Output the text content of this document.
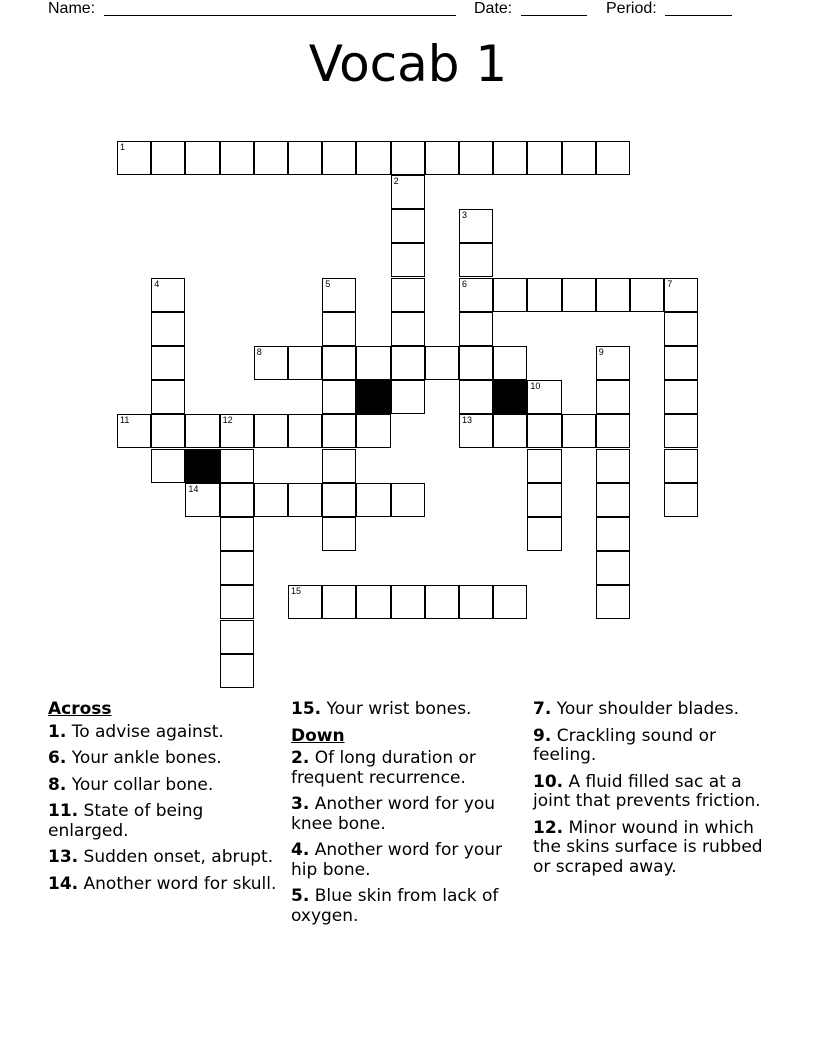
Name:	Date:	Period:
Vocab 1
1
2
3
6	7
4	5
8	9
10
11	12	13
14
15
Across
1. To advise against.
6. Your ankle bones.
8. Your collar bone.
11. State of being enlarged.
13. Sudden onset, abrupt.
14. Another word for skull.
15. Your wrist bones.
Down
2. Of long duration or frequent recurrence.
3. Another word for you knee bone.
4. Another word for your hip bone.
5. Blue skin from lack of oxygen.
7. Your shoulder blades.
9. Crackling sound or feeling.
10. A fluid filled sac at a joint that prevents friction.
12. Minor wound in which the skins surface is rubbed or scraped away.
